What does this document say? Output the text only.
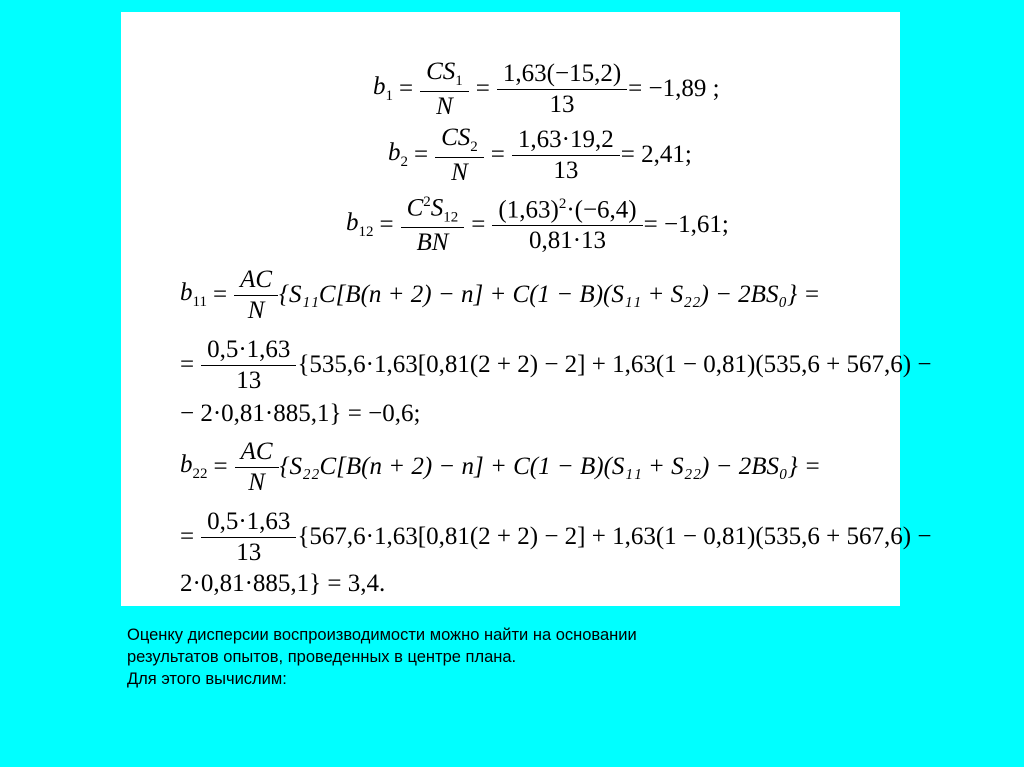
$b_1 = \frac{CS_1}{N} = \frac{1,63(-15,2)}{13} = -1,89$ ;
$b_2 = \frac{CS_2}{N} = \frac{1,63\cdot 19,2}{13} = 2,41$;
$b_{12} = \frac{C^2S_{12}}{BN} = \frac{(1,63)^2\cdot(-6,4)}{0,81\cdot 13} = -1,61$;
$b_{11} = \frac{AC}{N} \{S_{11}C[B(n + 2) - n] + C(1 - B)(S_{11} + S_{22}) - 2BS_0\}$ =
= $\frac{0,5\cdot 1,63}{13} \{535,6\cdot 1,63[0,81(2 + 2) - 2] + 1,63(1 - 0,81)(535,6 + 567,6)$ −
− 2·0,81·885,1} = −0,6;
$b_{22} = \frac{AC}{N} \{S_{22}C[B(n + 2) - n] + C(1 - B)(S_{11} + S_{22}) - 2BS_0\}$ =
= $\frac{0,5\cdot 1,63}{13} \{567,6\cdot 1,63[0,81(2 + 2) - 2] + 1,63(1 - 0,81)(535,6 + 567,6)$ −
2·0,81·885,1} = 3,4.
Оценку дисперсии воспроизводимости можно найти на основании
результатов опытов, проведенных в центре плана.
Для этого вычислим:
